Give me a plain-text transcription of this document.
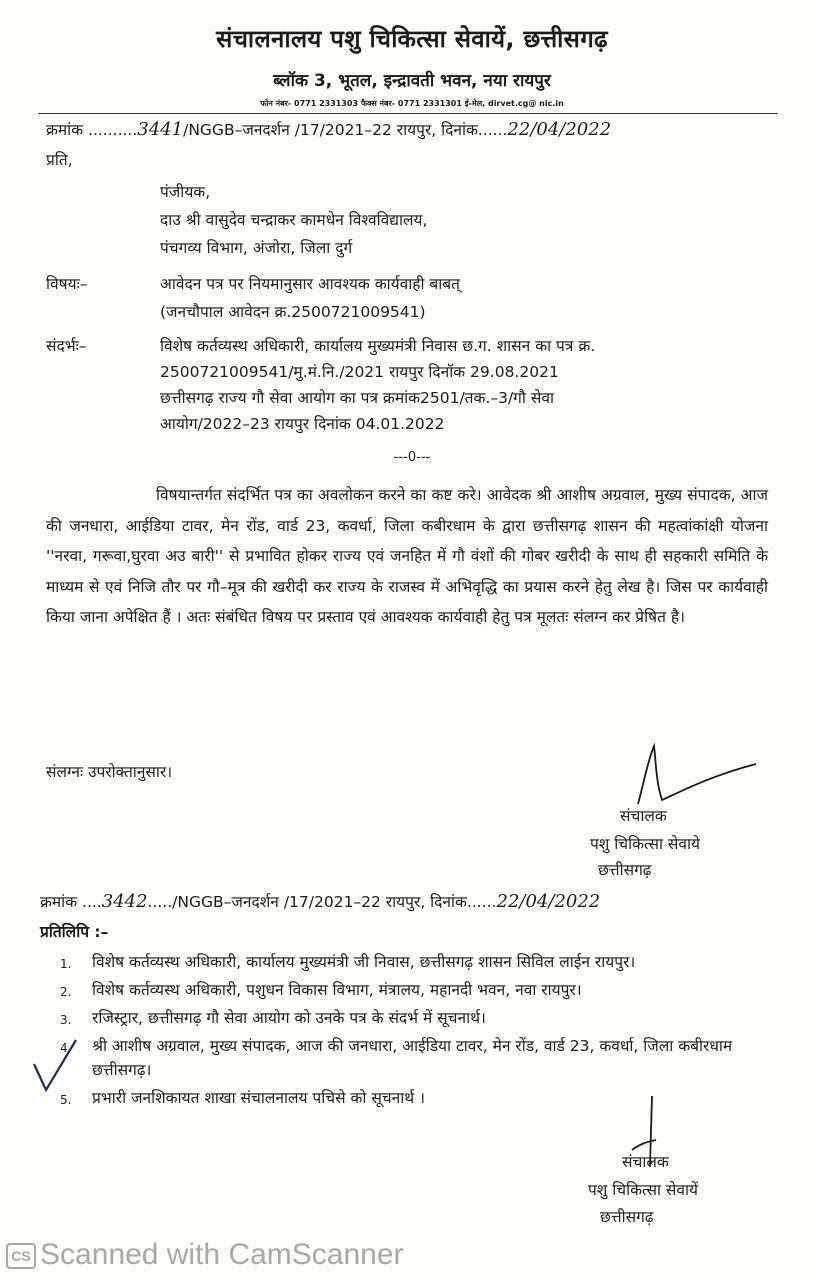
संचालनालय पशु चिकित्सा सेवायें, छत्तीसगढ़
ब्लॉक 3, भूतल, इन्द्रावती भवन, नया रायपुर
फोन नंबर- 0771 2331303 फैक्स नंबर- 0771 2331301 ई-मेल, dirvet.cg@ nic.in
क्रमांक ..........3441/NGGB–जनदर्शन /17/2021–22 रायपुर, दिनांक......22/04/2022
प्रति,
पंजीयक,
दाउ श्री वासुदेव चन्द्राकर कामधेन विश्वविद्यालय,
पंचगव्य विभाग, अंजोरा, जिला दुर्ग
विषयः–	आवेदन पत्र पर नियमानुसार आवश्यक कार्यवाही बाबत्
(जनचौपाल आवेदन क्र.2500721009541)
संदर्भः–	विशेष कर्तव्यस्थ अधिकारी, कार्यालय मुख्यमंत्री निवास छ.ग. शासन का पत्र क्र.
2500721009541/मु.मं.नि./2021 रायपुर दिनॉक 29.08.2021
छत्तीसगढ़ राज्य गौ सेवा आयोग का पत्र क्रमांक2501/तक.–3/गौ सेवा
आयोग/2022–23 रायपुर दिनांक 04.01.2022
---0---
विषयान्तर्गत संदर्भित पत्र का अवलोकन करने का कष्ट करे। आवेदक श्री आशीष अग्रवाल, मुख्य संपादक, आज की जनधारा, आईडिया टावर, मेन रोंड, वार्ड 23, कवर्धा, जिला कबीरधाम के द्वारा छत्तीसगढ़ शासन की महत्वांकांक्षी योजना ''नरवा, गरूवा,घुरवा अउ बारी'' से प्रभावित होकर राज्य एवं जनहित में गौ वंशों की गोबर खरीदी के साथ ही सहकारी समिति के माध्यम से एवं निजि तौर पर गौ–मूत्र की खरीदी कर राज्य के राजस्व में अभिवृद्धि का प्रयास करने हेतु लेख है। जिस पर कार्यवाही किया जाना अपेक्षित हैं । अतः संबंधित विषय पर प्रस्ताव एवं आवश्यक कार्यवाही हेतु पत्र मूलतः संलग्न कर प्रेषित है।
संलग्नः उपरोक्तानुसार।
संचालक
पशु चिकित्सा सेवाये
छत्तीसगढ़
क्रमांक ....3442...../NGGB–जनदर्शन /17/2021–22 रायपुर, दिनांक......22/04/2022
प्रतिलिपि :–
1. विशेष कर्तव्यस्थ अधिकारी, कार्यालय मुख्यमंत्री जी निवास, छत्तीसगढ़ शासन सिविल लाईन रायपुर।
2. विशेष कर्तव्यस्थ अधिकारी, पशुधन विकास विभाग, मंत्रालय, महानदी भवन, नवा रायपुर।
3. रजिस्ट्रार, छत्तीसगढ़ गौ सेवा आयोग को उनके पत्र के संदर्भ में सूचनार्थ।
4. श्री आशीष अग्रवाल, मुख्य संपादक, आज की जनधारा, आईडिया टावर, मेन रोंड, वार्ड 23, कवर्धा, जिला कबीरधाम छत्तीसगढ़।
5. प्रभारी जनशिकायत शाखा संचालनालय पचिसे को सूचनार्थ ।
संचालक
पशु चिकित्सा सेवायें
छत्तीसगढ़
CS Scanned with CamScanner
